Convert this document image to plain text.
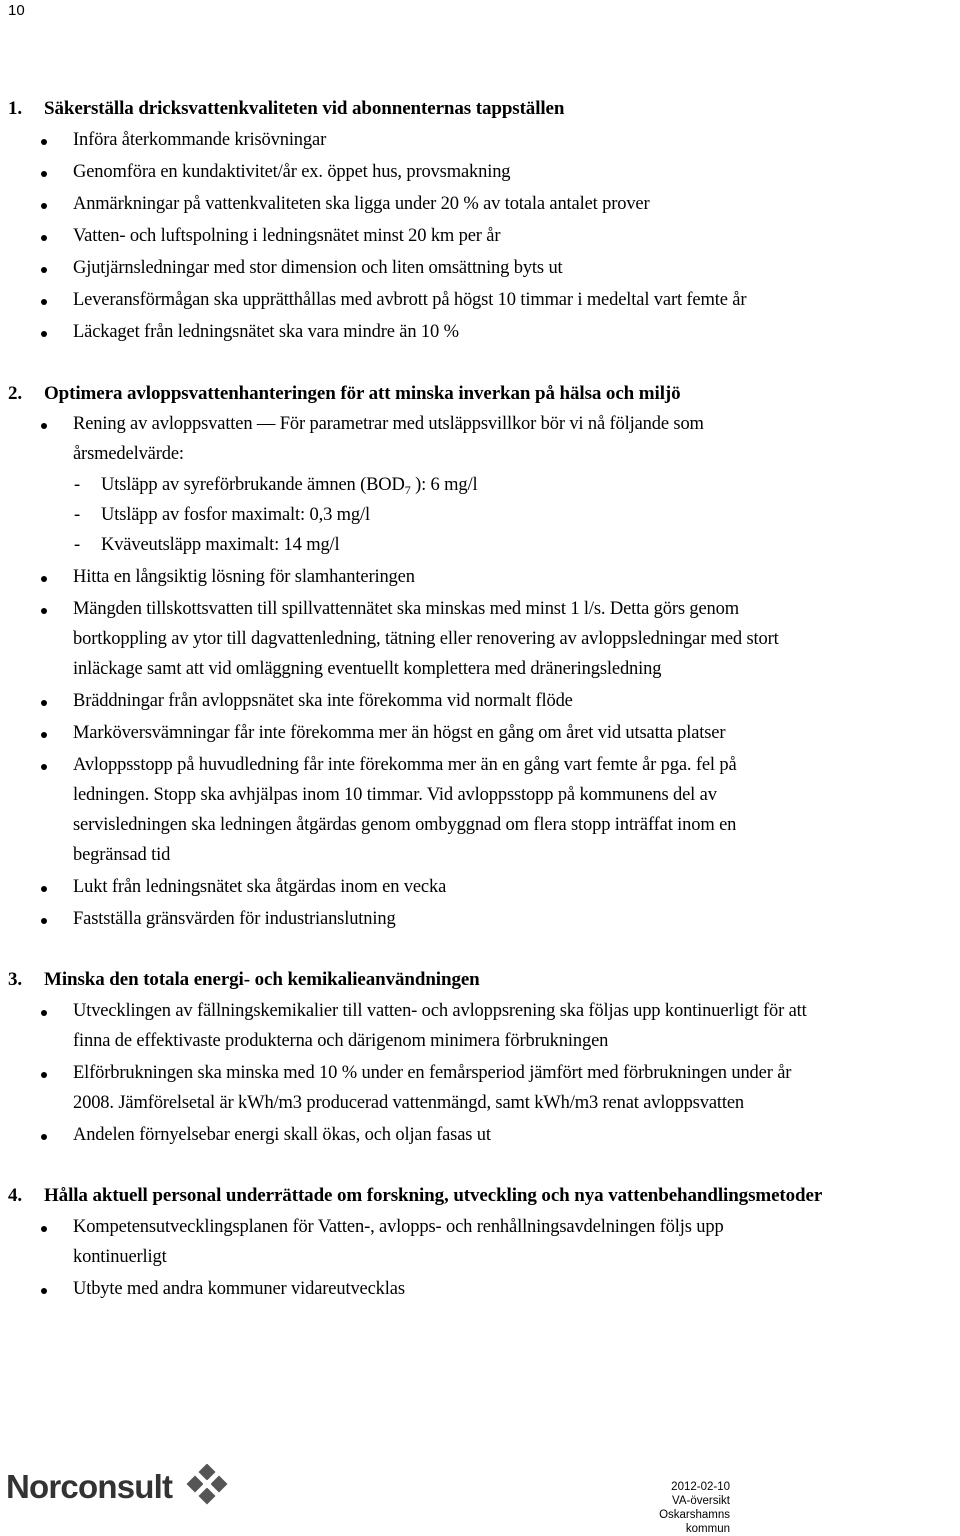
10
1. Säkerställa dricksvattenkvaliteten vid abonnenternas tappställen
Införa återkommande krisövningar
Genomföra en kundaktivitet/år ex. öppet hus, provsmakning
Anmärkningar på vattenkvaliteten ska ligga under 20 % av totala antalet prover
Vatten- och luftspolning i ledningsnätet minst 20 km per år
Gjutjärnsledningar med stor dimension och liten omsättning byts ut
Leveransförmågan ska upprätthållas med avbrott på högst 10 timmar i medeltal vart femte år
Läckaget från ledningsnätet ska vara mindre än 10 %
2. Optimera avloppsvattenhanteringen för att minska inverkan på hälsa och miljö
Rening av avloppsvatten — För parametrar med utsläppsvillkor bör vi nå följande som
årsmedelvärde:
- Utsläpp av syreförbrukande ämnen ($BOD_7$ ): 6 mg/l
- Utsläpp av fosfor maximalt: 0,3 mg/l
- Kväveutsläpp maximalt: 14 mg/l
Hitta en långsiktig lösning för slamhanteringen
Mängden tillskottsvatten till spillvattennätet ska minskas med minst 1 l/s. Detta görs genom
bortkoppling av ytor till dagvattenledning, tätning eller renovering av avloppsledningar med stort
inläckage samt att vid omläggning eventuellt komplettera med dräneringsledning
Bräddningar från avloppsnätet ska inte förekomma vid normalt flöde
Marköversvämningar får inte förekomma mer än högst en gång om året vid utsatta platser
Avloppsstopp på huvudledning får inte förekomma mer än en gång vart femte år pga. fel på
ledningen. Stopp ska avhjälpas inom 10 timmar. Vid avloppsstopp på kommunens del av
servisledningen ska ledningen åtgärdas genom ombyggnad om flera stopp inträffat inom en
begränsad tid
Lukt från ledningsnätet ska åtgärdas inom en vecka
Fastställa gränsvärden för industrianslutning
3. Minska den totala energi- och kemikalieanvändningen
Utvecklingen av fällningskemikalier till vatten- och avloppsrening ska följas upp kontinuerligt för att
finna de effektivaste produkterna och därigenom minimera förbrukningen
Elförbrukningen ska minska med 10 % under en femårsperiod jämfört med förbrukningen under år
2008. Jämförelsetal är kWh/m3 producerad vattenmängd, samt kWh/m3 renat avloppsvatten
Andelen förnyelsebar energi skall ökas, och oljan fasas ut
4. Hålla aktuell personal underrättade om forskning, utveckling och nya vattenbehandlingsmetoder
Kompetensutvecklingsplanen för Vatten-, avlopps- och renhållningsavdelningen följs upp
kontinuerligt
Utbyte med andra kommuner vidareutvecklas
Norconsult	2012-02-10
VA-översikt
Oskarshamns kommun
